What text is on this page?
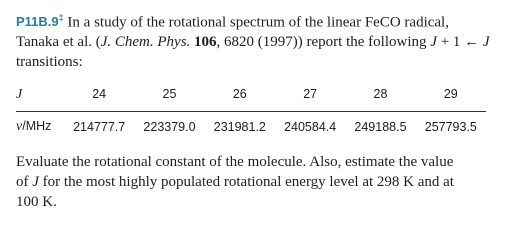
P11B.9‡ In a study of the rotational spectrum of the linear FeCO radical,
Tanaka et al. (J. Chem. Phys. 106, 6820 (1997)) report the following J + 1 ← J
transitions:

J	24	25	26	27	28	29
ν/MHz	214777.7	223379.0	231981.2	240584.4	249188.5	257793.5

Evaluate the rotational constant of the molecule. Also, estimate the value
of J for the most highly populated rotational energy level at 298 K and at
100 K.
